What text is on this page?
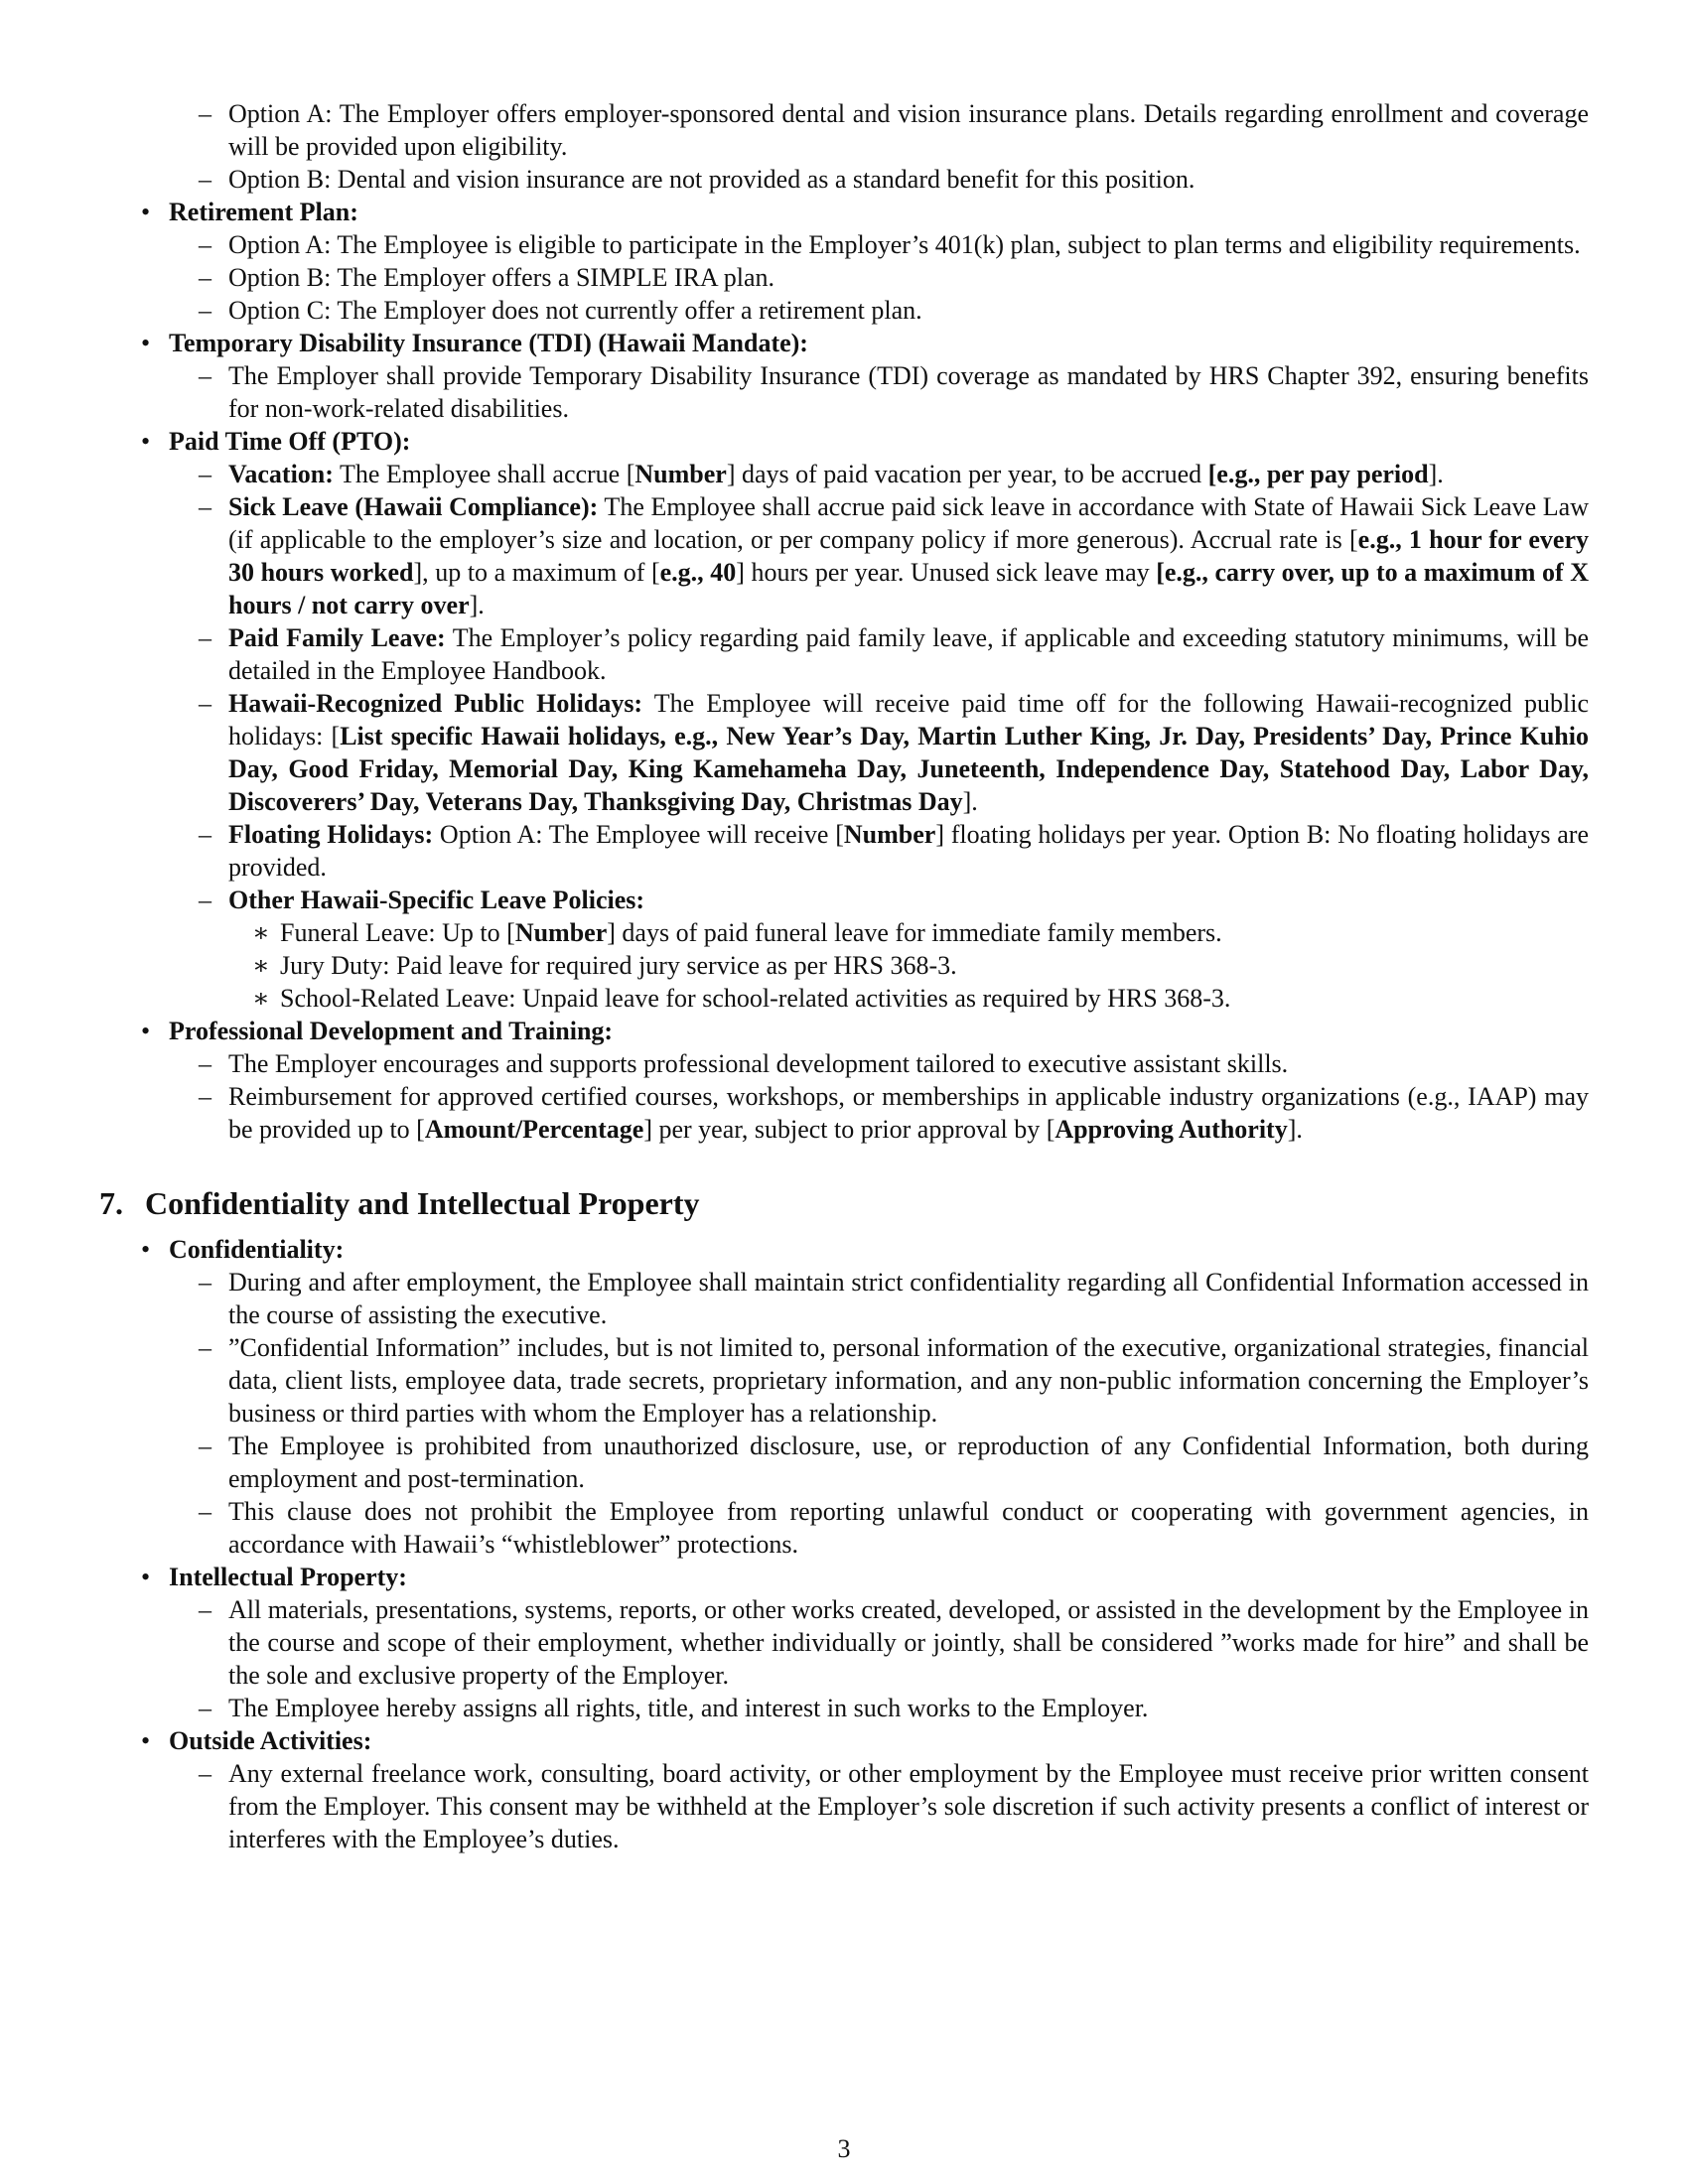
– Option A: The Employer offers employer-sponsored dental and vision insurance plans. Details regarding enrollment and coverage will be provided upon eligibility.
– Option B: Dental and vision insurance are not provided as a standard benefit for this position.
• Retirement Plan:
– Option A: The Employee is eligible to participate in the Employer’s 401(k) plan, subject to plan terms and eligibility requirements.
– Option B: The Employer offers a SIMPLE IRA plan.
– Option C: The Employer does not currently offer a retirement plan.
• Temporary Disability Insurance (TDI) (Hawaii Mandate):
– The Employer shall provide Temporary Disability Insurance (TDI) coverage as mandated by HRS Chapter 392, ensuring benefits for non-work-related disabilities.
• Paid Time Off (PTO):
– Vacation: The Employee shall accrue [Number] days of paid vacation per year, to be accrued [e.g., per pay period].
– Sick Leave (Hawaii Compliance): The Employee shall accrue paid sick leave in accordance with State of Hawaii Sick Leave Law (if applicable to the employer’s size and location, or per company policy if more generous). Accrual rate is [e.g., 1 hour for every 30 hours worked], up to a maximum of [e.g., 40] hours per year. Unused sick leave may [e.g., carry over, up to a maximum of X hours / not carry over].
– Paid Family Leave: The Employer’s policy regarding paid family leave, if applicable and exceeding statutory minimums, will be detailed in the Employee Handbook.
– Hawaii-Recognized Public Holidays: The Employee will receive paid time off for the following Hawaii-recognized public holidays: [List specific Hawaii holidays, e.g., New Year’s Day, Martin Luther King, Jr. Day, Presidents’ Day, Prince Kuhio Day, Good Friday, Memorial Day, King Kamehameha Day, Juneteenth, Independence Day, Statehood Day, Labor Day, Discoverers’ Day, Veterans Day, Thanksgiving Day, Christmas Day].
– Floating Holidays: Option A: The Employee will receive [Number] floating holidays per year. Option B: No floating holidays are provided.
– Other Hawaii-Specific Leave Policies:
∗ Funeral Leave: Up to [Number] days of paid funeral leave for immediate family members.
∗ Jury Duty: Paid leave for required jury service as per HRS 368-3.
∗ School-Related Leave: Unpaid leave for school-related activities as required by HRS 368-3.
• Professional Development and Training:
– The Employer encourages and supports professional development tailored to executive assistant skills.
– Reimbursement for approved certified courses, workshops, or memberships in applicable industry organizations (e.g., IAAP) may be provided up to [Amount/Percentage] per year, subject to prior approval by [Approving Authority].
7. Confidentiality and Intellectual Property
• Confidentiality:
– During and after employment, the Employee shall maintain strict confidentiality regarding all Confidential Information accessed in the course of assisting the executive.
– ”Confidential Information” includes, but is not limited to, personal information of the executive, organizational strategies, financial data, client lists, employee data, trade secrets, proprietary information, and any non-public information concerning the Employer’s business or third parties with whom the Employer has a relationship.
– The Employee is prohibited from unauthorized disclosure, use, or reproduction of any Confidential Information, both during employment and post-termination.
– This clause does not prohibit the Employee from reporting unlawful conduct or cooperating with government agencies, in accordance with Hawaii’s “whistleblower” protections.
• Intellectual Property:
– All materials, presentations, systems, reports, or other works created, developed, or assisted in the development by the Employee in the course and scope of their employment, whether individually or jointly, shall be considered ”works made for hire” and shall be the sole and exclusive property of the Employer.
– The Employee hereby assigns all rights, title, and interest in such works to the Employer.
• Outside Activities:
– Any external freelance work, consulting, board activity, or other employment by the Employee must receive prior written consent from the Employer. This consent may be withheld at the Employer’s sole discretion if such activity presents a conflict of interest or interferes with the Employee’s duties.
3
